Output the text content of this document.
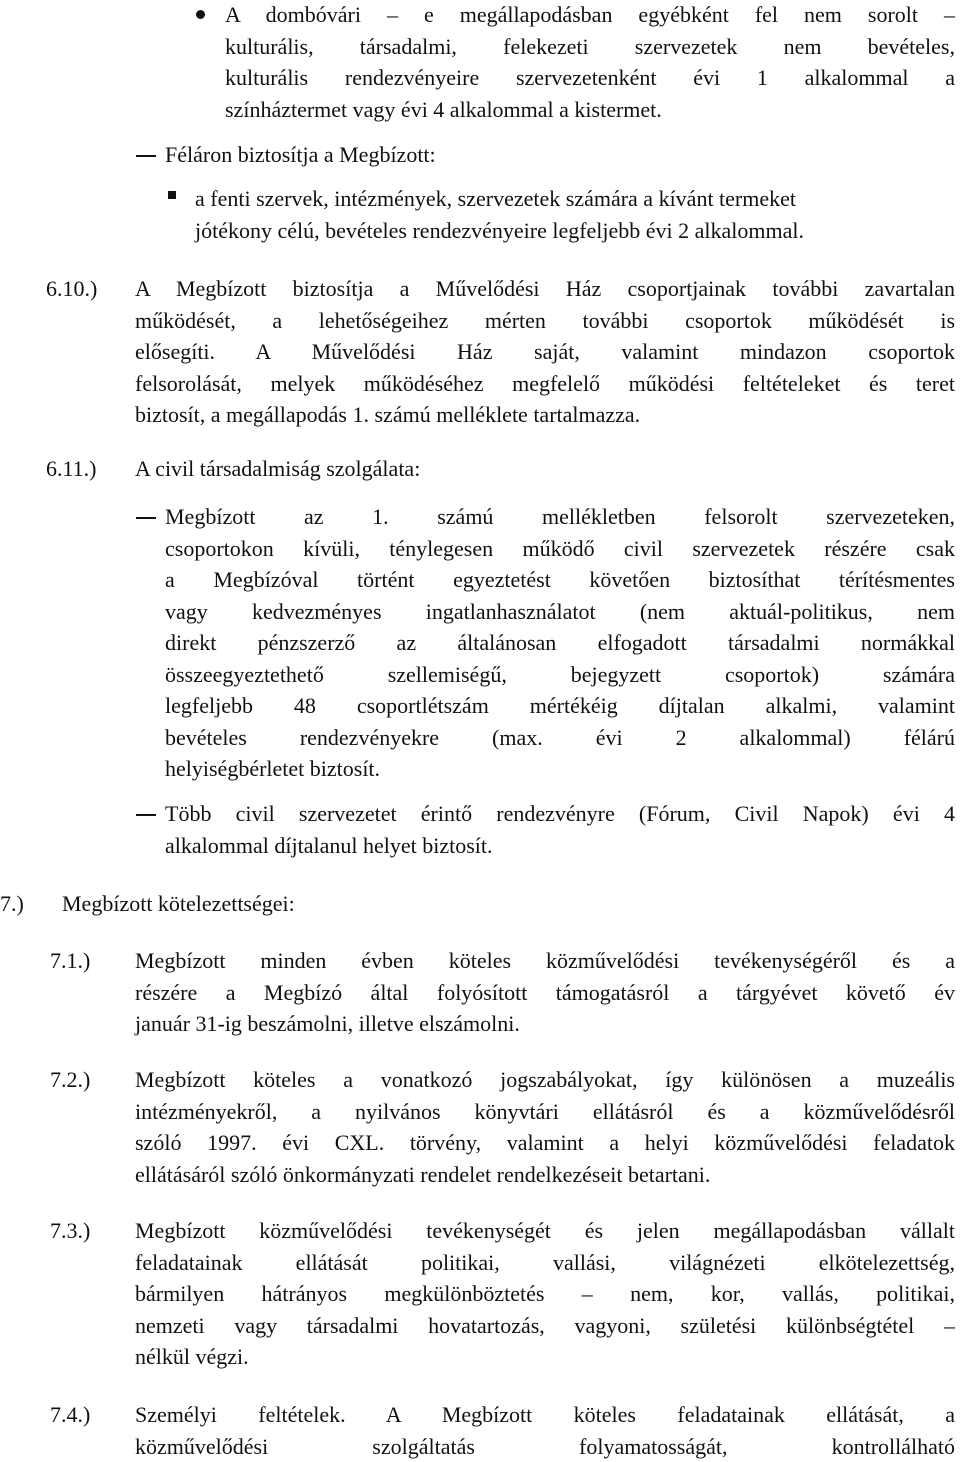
A dombóvári – e megállapodásban egyébként fel nem sorolt –
kulturális, társadalmi, felekezeti szervezetek nem bevételes,
kulturális rendezvényeire szervezetenként évi 1 alkalommal a
színháztermet vagy évi 4 alkalommal a kistermet.
Féláron biztosítja a Megbízott:
a fenti szervek, intézmények, szervezetek számára a kívánt termeket
jótékony célú, bevételes rendezvényeire legfeljebb évi 2 alkalommal.
6.10.) A Megbízott biztosítja a Művelődési Ház csoportjainak további zavartalan
működését, a lehetőségeihez mérten további csoportok működését is
elősegíti. A Művelődési Ház saját, valamint mindazon csoportok
felsorolását, melyek működéséhez megfelelő működési feltételeket és teret
biztosít, a megállapodás 1. számú melléklete tartalmazza.
6.11.) A civil társadalmiság szolgálata:
Megbízott az 1. számú mellékletben felsorolt szervezeteken,
csoportokon kívüli, ténylegesen működő civil szervezetek részére csak
a Megbízóval történt egyeztetést követően biztosíthat térítésmentes
vagy kedvezményes ingatlanhasználatot (nem aktuál-politikus, nem
direkt pénzszerző az általánosan elfogadott társadalmi normákkal
összeegyeztethető szellemiségű, bejegyzett csoportok) számára
legfeljebb 48 csoportlétszám mértékéig díjtalan alkalmi, valamint
bevételes rendezvényekre (max. évi 2 alkalommal) félárú
helyiségbérletet biztosít.
Több civil szervezetet érintő rendezvényre (Fórum, Civil Napok) évi 4
alkalommal díjtalanul helyet biztosít.
7.) Megbízott kötelezettségei:
7.1.) Megbízott minden évben köteles közművelődési tevékenységéről és a
részére a Megbízó által folyósított támogatásról a tárgyévet követő év
január 31-ig beszámolni, illetve elszámolni.
7.2.) Megbízott köteles a vonatkozó jogszabályokat, így különösen a muzeális
intézményekről, a nyilvános könyvtári ellátásról és a közművelődésről
szóló 1997. évi CXL. törvény, valamint a helyi közművelődési feladatok
ellátásáról szóló önkormányzati rendelet rendelkezéseit betartani.
7.3.) Megbízott közművelődési tevékenységét és jelen megállapodásban vállalt
feladatainak ellátását politikai, vallási, világnézeti elkötelezettség,
bármilyen hátrányos megkülönböztetés – nem, kor, vallás, politikai,
nemzeti vagy társadalmi hovatartozás, vagyoni, születési különbségtétel –
nélkül végzi.
7.4.) Személyi feltételek. A Megbízott köteles feladatainak ellátását, a
közművelődési szolgáltatás folyamatosságát, kontrollálható
